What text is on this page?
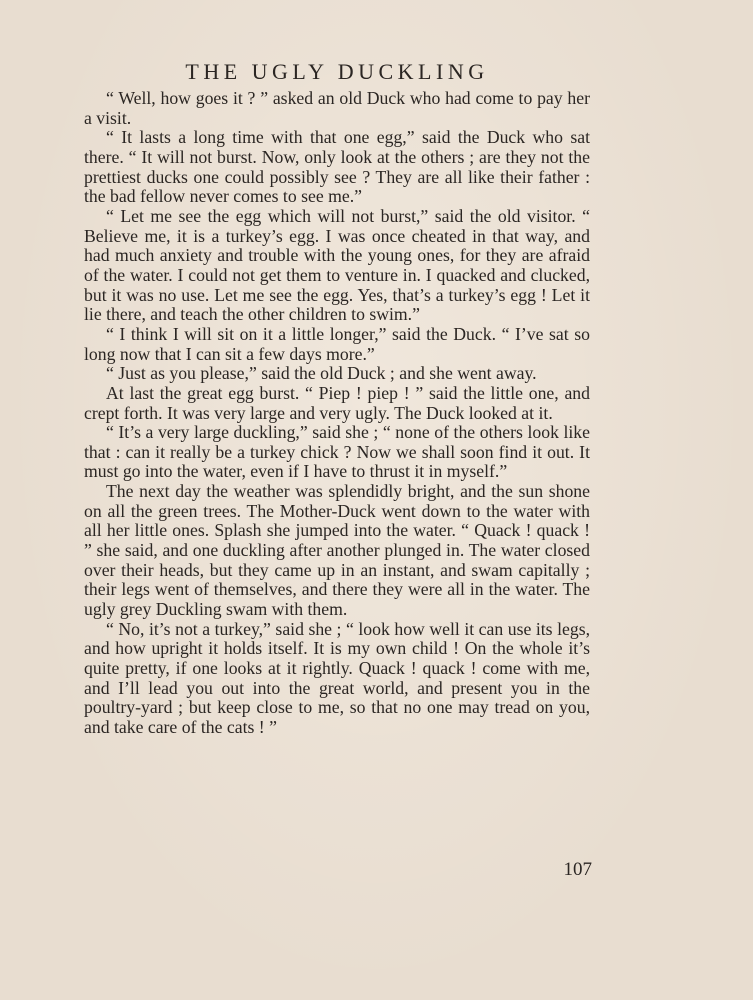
THE UGLY DUCKLING

“ Well, how goes it ? ” asked an old Duck who had come to pay her a visit.

“ It lasts a long time with that one egg,” said the Duck who sat there. “ It will not burst. Now, only look at the others ; are they not the prettiest ducks one could possibly see ? They are all like their father : the bad fellow never comes to see me.”

“ Let me see the egg which will not burst,” said the old visitor. “ Believe me, it is a turkey’s egg. I was once cheated in that way, and had much anxiety and trouble with the young ones, for they are afraid of the water. I could not get them to venture in. I quacked and clucked, but it was no use. Let me see the egg. Yes, that’s a turkey’s egg ! Let it lie there, and teach the other children to swim.”

“ I think I will sit on it a little longer,” said the Duck. “ I’ve sat so long now that I can sit a few days more.”

“ Just as you please,” said the old Duck ; and she went away.

At last the great egg burst. “ Piep ! piep ! ” said the little one, and crept forth. It was very large and very ugly. The Duck looked at it.

“ It’s a very large duckling,” said she ; “ none of the others look like that : can it really be a turkey chick ? Now we shall soon find it out. It must go into the water, even if I have to thrust it in myself.”

The next day the weather was splendidly bright, and the sun shone on all the green trees. The Mother-Duck went down to the water with all her little ones. Splash she jumped into the water. “ Quack ! quack ! ” she said, and one duckling after another plunged in. The water closed over their heads, but they came up in an instant, and swam capitally ; their legs went of themselves, and there they were all in the water. The ugly grey Duckling swam with them.

“ No, it’s not a turkey,” said she ; “ look how well it can use its legs, and how upright it holds itself. It is my own child ! On the whole it’s quite pretty, if one looks at it rightly. Quack ! quack ! come with me, and I’ll lead you out into the great world, and present you in the poultry-yard ; but keep close to me, so that no one may tread on you, and take care of the cats ! ”

107
